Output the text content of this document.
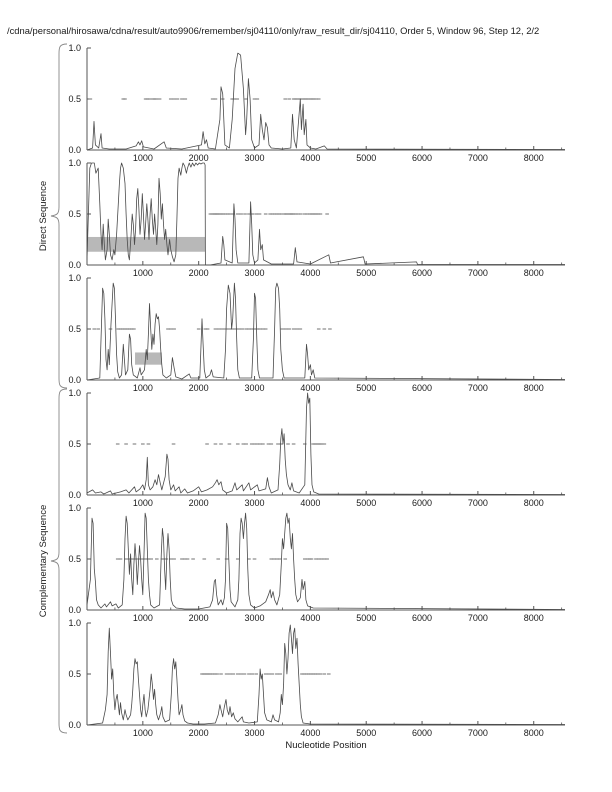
/cdna/personal/hirosawa/cdna/result/auto9906/remember/sj04110/only/raw_result_dir/sj04110, Order 5, Window 96, Step 12, 2/2
0.0
0.5
1.0
1000	2000	3000	4000	5000	6000	7000	8000
0.0
0.5
1.0
1000	2000	3000	4000	5000	6000	7000	8000
0.0
0.5
1.0
1000	2000	3000	4000	5000	6000	7000	8000
0.0
0.5
1.0
1000	2000	3000	4000	5000	6000	7000	8000
0.0
0.5
1.0
1000	2000	3000	4000	5000	6000	7000	8000
0.0
0.5
1.0
1000	2000	3000	4000	5000	6000	7000	8000
Direct Sequence
Complementary Sequence
Nucleotide Position
